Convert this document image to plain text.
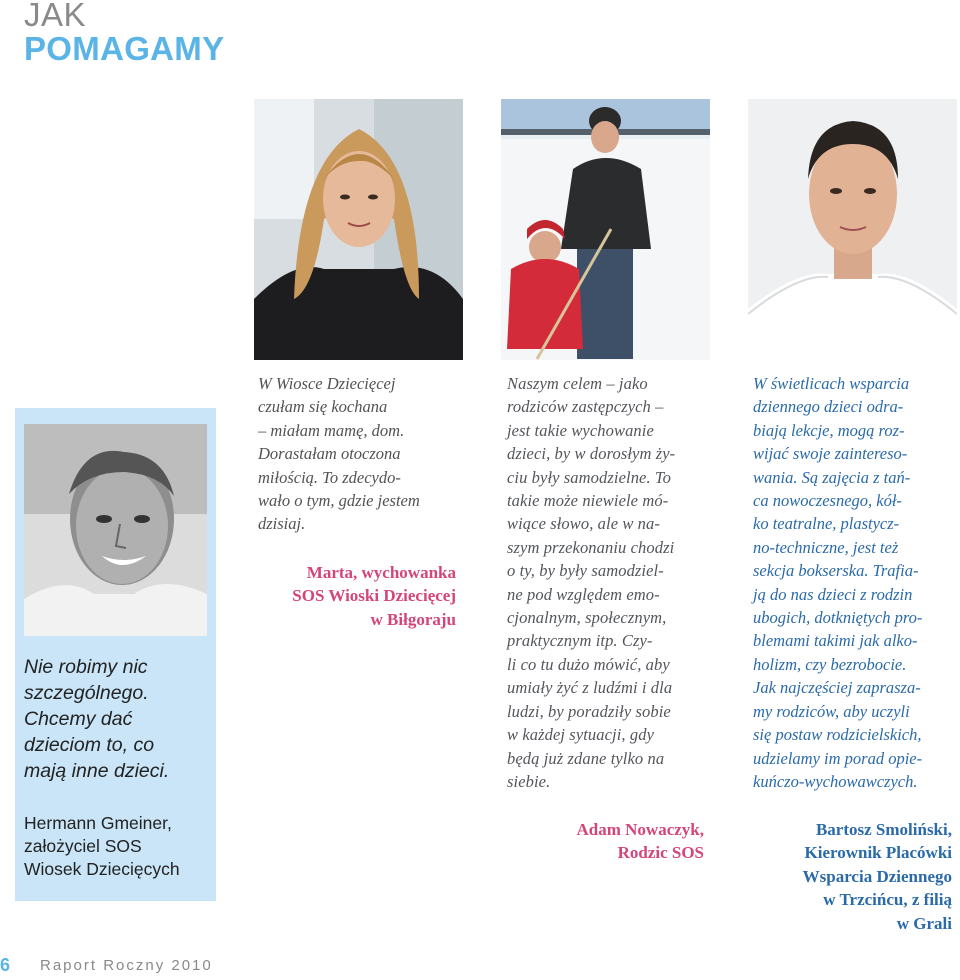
JAK
POMAGAMY
Nie robimy nic
szczególnego.
Chcemy dać
dzieciom to, co
mają inne dzieci.
Hermann Gmeiner,
założyciel SOS
Wiosek Dziecięcych
W Wiosce Dziecięcej
czułam się kochana
– miałam mamę, dom.
Dorastałam otoczona
miłością. To zdecydo-
wało o tym, gdzie jestem
dzisiaj.
Marta, wychowanka
SOS Wioski Dziecięcej
w Biłgoraju
Naszym celem – jako
rodziców zastępczych –
jest takie wychowanie
dzieci, by w dorosłym ży-
ciu były samodzielne. To
takie może niewiele mó-
wiące słowo, ale w na-
szym przekonaniu chodzi
o ty, by były samodziel-
ne pod względem emo-
cjonalnym, społecznym,
praktycznym itp. Czy-
li co tu dużo mówić, aby
umiały żyć z ludźmi i dla
ludzi, by poradziły sobie
w każdej sytuacji, gdy
będą już zdane tylko na
siebie.
Adam Nowaczyk,
Rodzic SOS
W świetlicach wsparcia
dziennego dzieci odra-
biają lekcje, mogą roz-
wijać swoje zaintereso-
wania. Są zajęcia z tań-
ca nowoczesnego, kół-
ko teatralne, plastycz-
no-techniczne, jest też
sekcja bokserska. Trafia-
ją do nas dzieci z rodzin
ubogich, dotkniętych pro-
blemami takimi jak alko-
holizm, czy bezrobocie.
Jak najczęściej zaprasza-
my rodziców, aby uczyli
się postaw rodzicielskich,
udzielamy im porad opie-
kuńczo-wychowawczych.
Bartosz Smoliński,
Kierownik Placówki
Wsparcia Dziennego
w Trzcińcu, z filią
w Grali
6 Raport Roczny 2010
